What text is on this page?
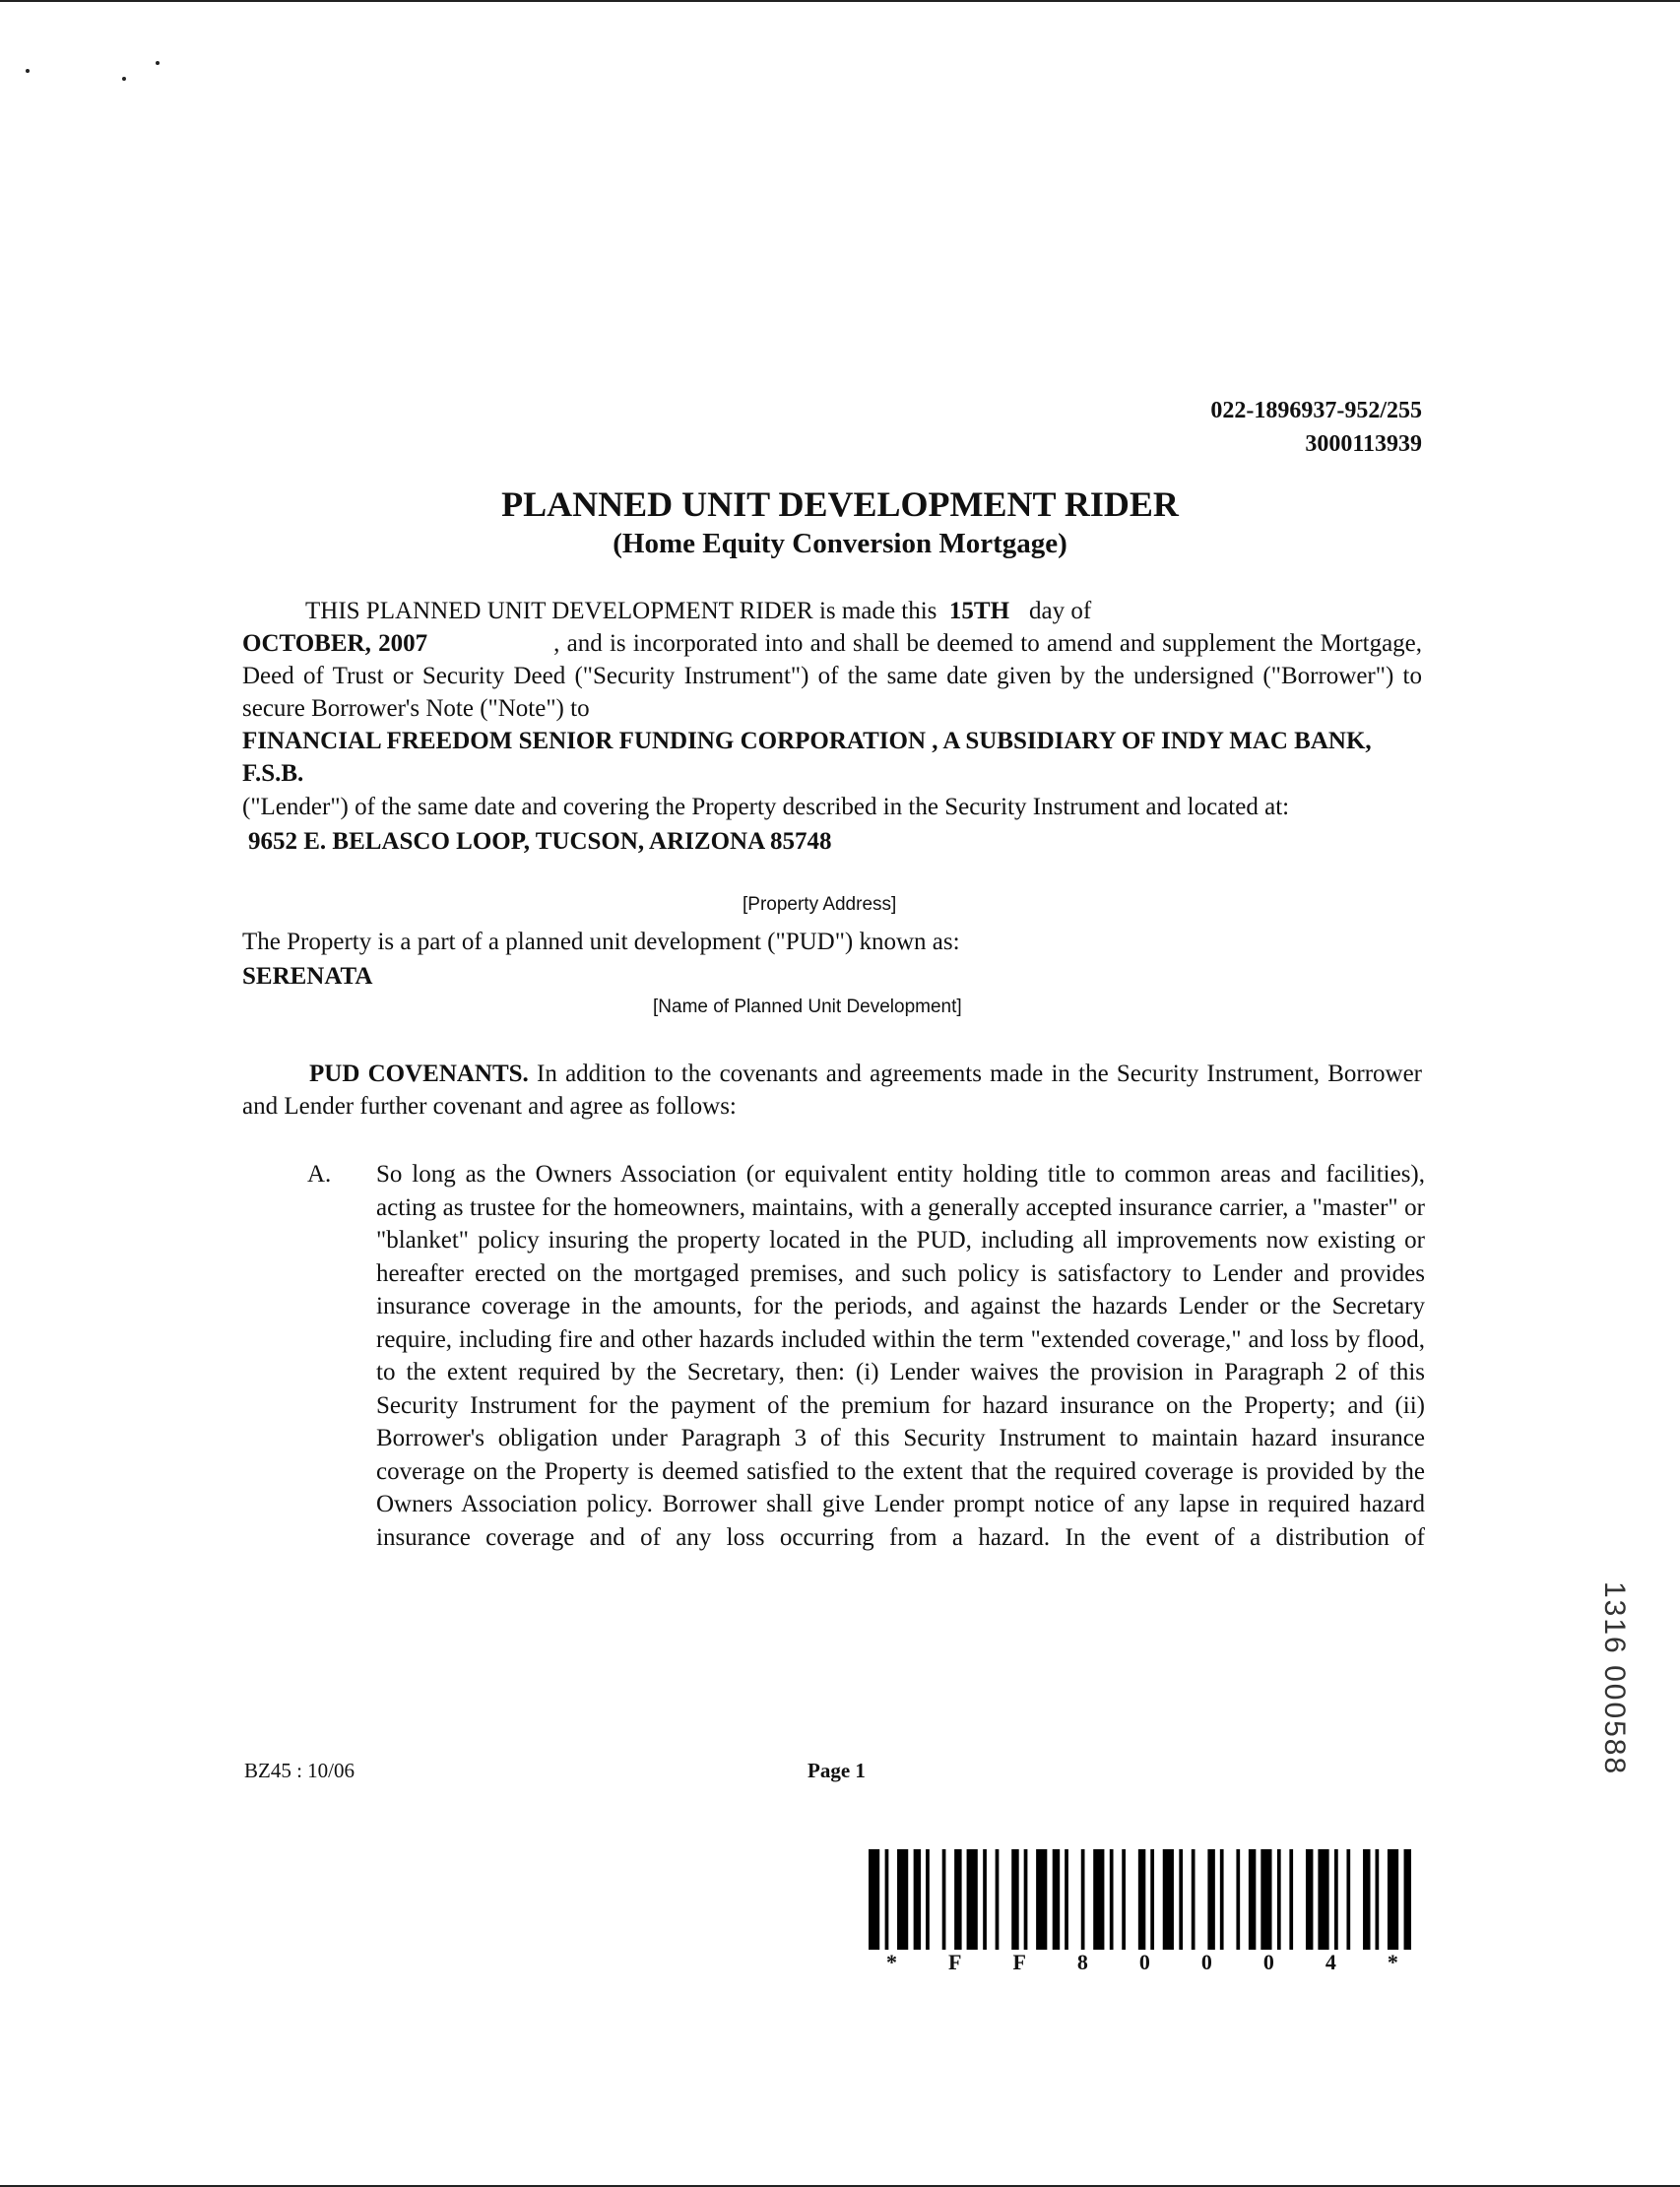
022-1896937-952/255
3000113939
PLANNED UNIT DEVELOPMENT RIDER
(Home Equity Conversion Mortgage)
THIS PLANNED UNIT DEVELOPMENT RIDER is made this 15TH day of
OCTOBER, 2007	, and is incorporated into and shall be deemed to amend and supplement the Mortgage, Deed of Trust or Security Deed ("Security Instrument") of the same date given by the undersigned ("Borrower") to secure Borrower's Note ("Note") to
FINANCIAL FREEDOM SENIOR FUNDING CORPORATION , A SUBSIDIARY OF INDY MAC BANK, F.S.B.
("Lender") of the same date and covering the Property described in the Security Instrument and located at:
9652 E. BELASCO LOOP, TUCSON, ARIZONA 85748
[Property Address]
The Property is a part of a planned unit development ("PUD") known as:
SERENATA
[Name of Planned Unit Development]
PUD COVENANTS. In addition to the covenants and agreements made in the Security Instrument, Borrower and Lender further covenant and agree as follows:
A. So long as the Owners Association (or equivalent entity holding title to common areas and facilities), acting as trustee for the homeowners, maintains, with a generally accepted insurance carrier, a "master" or "blanket" policy insuring the property located in the PUD, including all improvements now existing or hereafter erected on the mortgaged premises, and such policy is satisfactory to Lender and provides insurance coverage in the amounts, for the periods, and against the hazards Lender or the Secretary require, including fire and other hazards included within the term "extended coverage," and loss by flood, to the extent required by the Secretary, then: (i) Lender waives the provision in Paragraph 2 of this Security Instrument for the payment of the premium for hazard insurance on the Property; and (ii) Borrower's obligation under Paragraph 3 of this Security Instrument to maintain hazard insurance coverage on the Property is deemed satisfied to the extent that the required coverage is provided by the Owners Association policy. Borrower shall give Lender prompt notice of any lapse in required hazard insurance coverage and of any loss occurring from a hazard. In the event of a distribution of
BZ45 : 10/06	Page 1
* F F 8 0 0 0 4 *
1316 000588
